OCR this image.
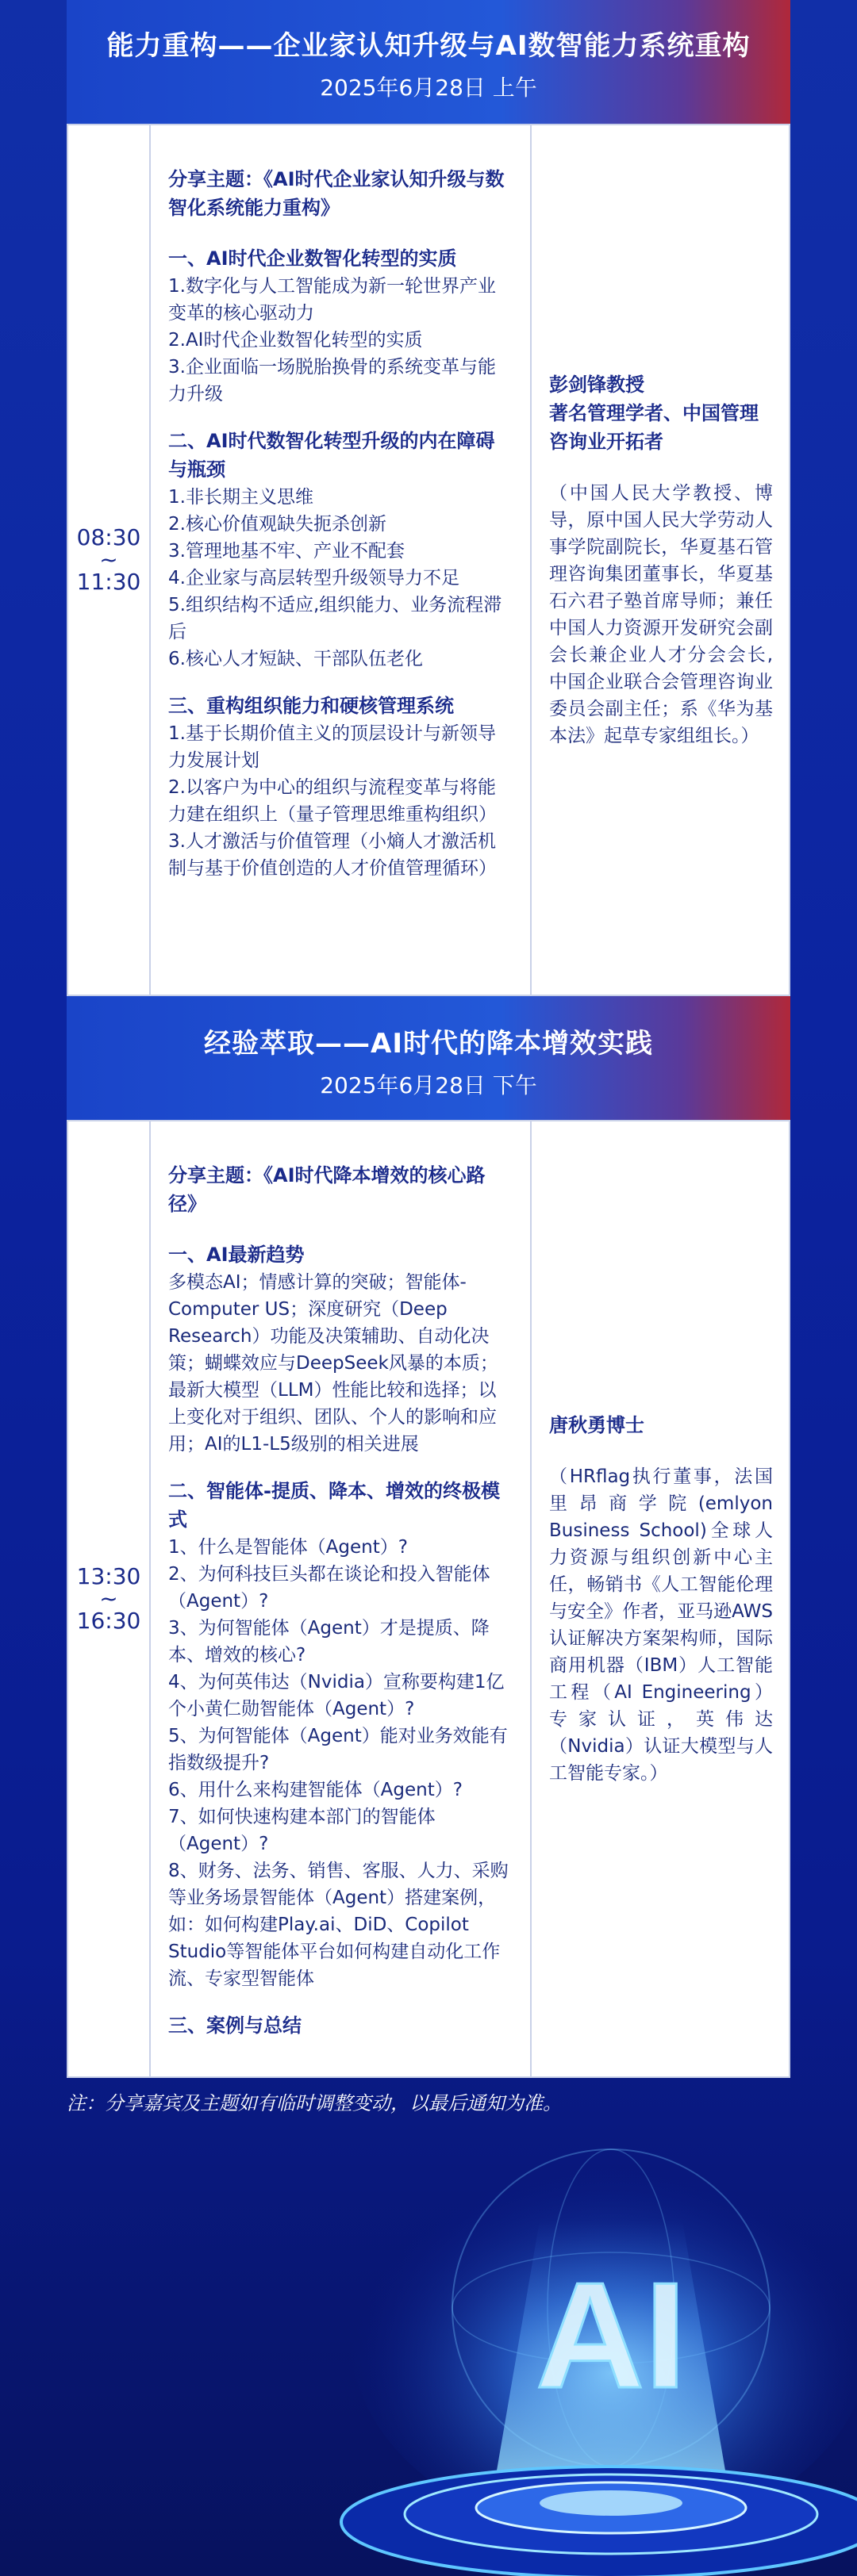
能力重构——企业家认知升级与AI数智能力系统重构
2025年6月28日 上午
08:30
~
11:30
分享主题：《AI时代企业家认知升级与数智化系统能力重构》
一、AI时代企业数智化转型的实质
1.数字化与人工智能成为新一轮世界产业变革的核心驱动力
2.AI时代企业数智化转型的实质
3.企业面临一场脱胎换骨的系统变革与能力升级
二、AI时代数智化转型升级的内在障碍与瓶颈
1.非长期主义思维
2.核心价值观缺失扼杀创新
3.管理地基不牢、产业不配套
4.企业家与高层转型升级领导力不足
5.组织结构不适应,组织能力、业务流程滞后
6.核心人才短缺、干部队伍老化
三、重构组织能力和硬核管理系统
1.基于长期价值主义的顶层设计与新领导力发展计划
2.以客户为中心的组织与流程变革与将能力建在组织上（量子管理思维重构组织）
3.人才激活与价值管理（小熵人才激活机制与基于价值创造的人才价值管理循环）
彭剑锋教授
著名管理学者、中国管理咨询业开拓者
（中国人民大学教授、博导，原中国人民大学劳动人事学院副院长，华夏基石管理咨询集团董事长，华夏基石六君子塾首席导师；兼任中国人力资源开发研究会副会长兼企业人才分会会长,中国企业联合会管理咨询业委员会副主任；系《华为基本法》起草专家组组长。）
经验萃取——AI时代的降本增效实践
2025年6月28日 下午
13:30
~
16:30
分享主题：《AI时代降本增效的核心路径》
一、AI最新趋势
多模态AI；情感计算的突破；智能体-Computer US；深度研究（Deep Research）功能及决策辅助、自动化决策；蝴蝶效应与DeepSeek风暴的本质；最新大模型（LLM）性能比较和选择；以上变化对于组织、团队、个人的影响和应用；AI的L1-L5级别的相关进展
二、智能体-提质、降本、增效的终极模式
1、什么是智能体（Agent）?
2、为何科技巨头都在谈论和投入智能体（Agent）?
3、为何智能体（Agent）才是提质、降本、增效的核心?
4、为何英伟达（Nvidia）宣称要构建1亿个小黄仁勋智能体（Agent）?
5、为何智能体（Agent）能对业务效能有指数级提升?
6、用什么来构建智能体（Agent）?
7、如何快速构建本部门的智能体（Agent）?
8、财务、法务、销售、客服、人力、采购等业务场景智能体（Agent）搭建案例，如：如何构建Play.ai、DiD、Copilot Studio等智能体平台如何构建自动化工作流、专家型智能体
三、案例与总结
唐秋勇博士
（HRflag执行董事，法国里昂商学院(emlyon Business School)全球人力资源与组织创新中心主任，畅销书《人工智能伦理与安全》作者，亚马逊AWS认证解决方案架构师，国际商用机器（IBM）人工智能工程（AI Engineering）专家认证，英伟达（Nvidia）认证大模型与人工智能专家。）
注：分享嘉宾及主题如有临时调整变动，以最后通知为准。
AI
